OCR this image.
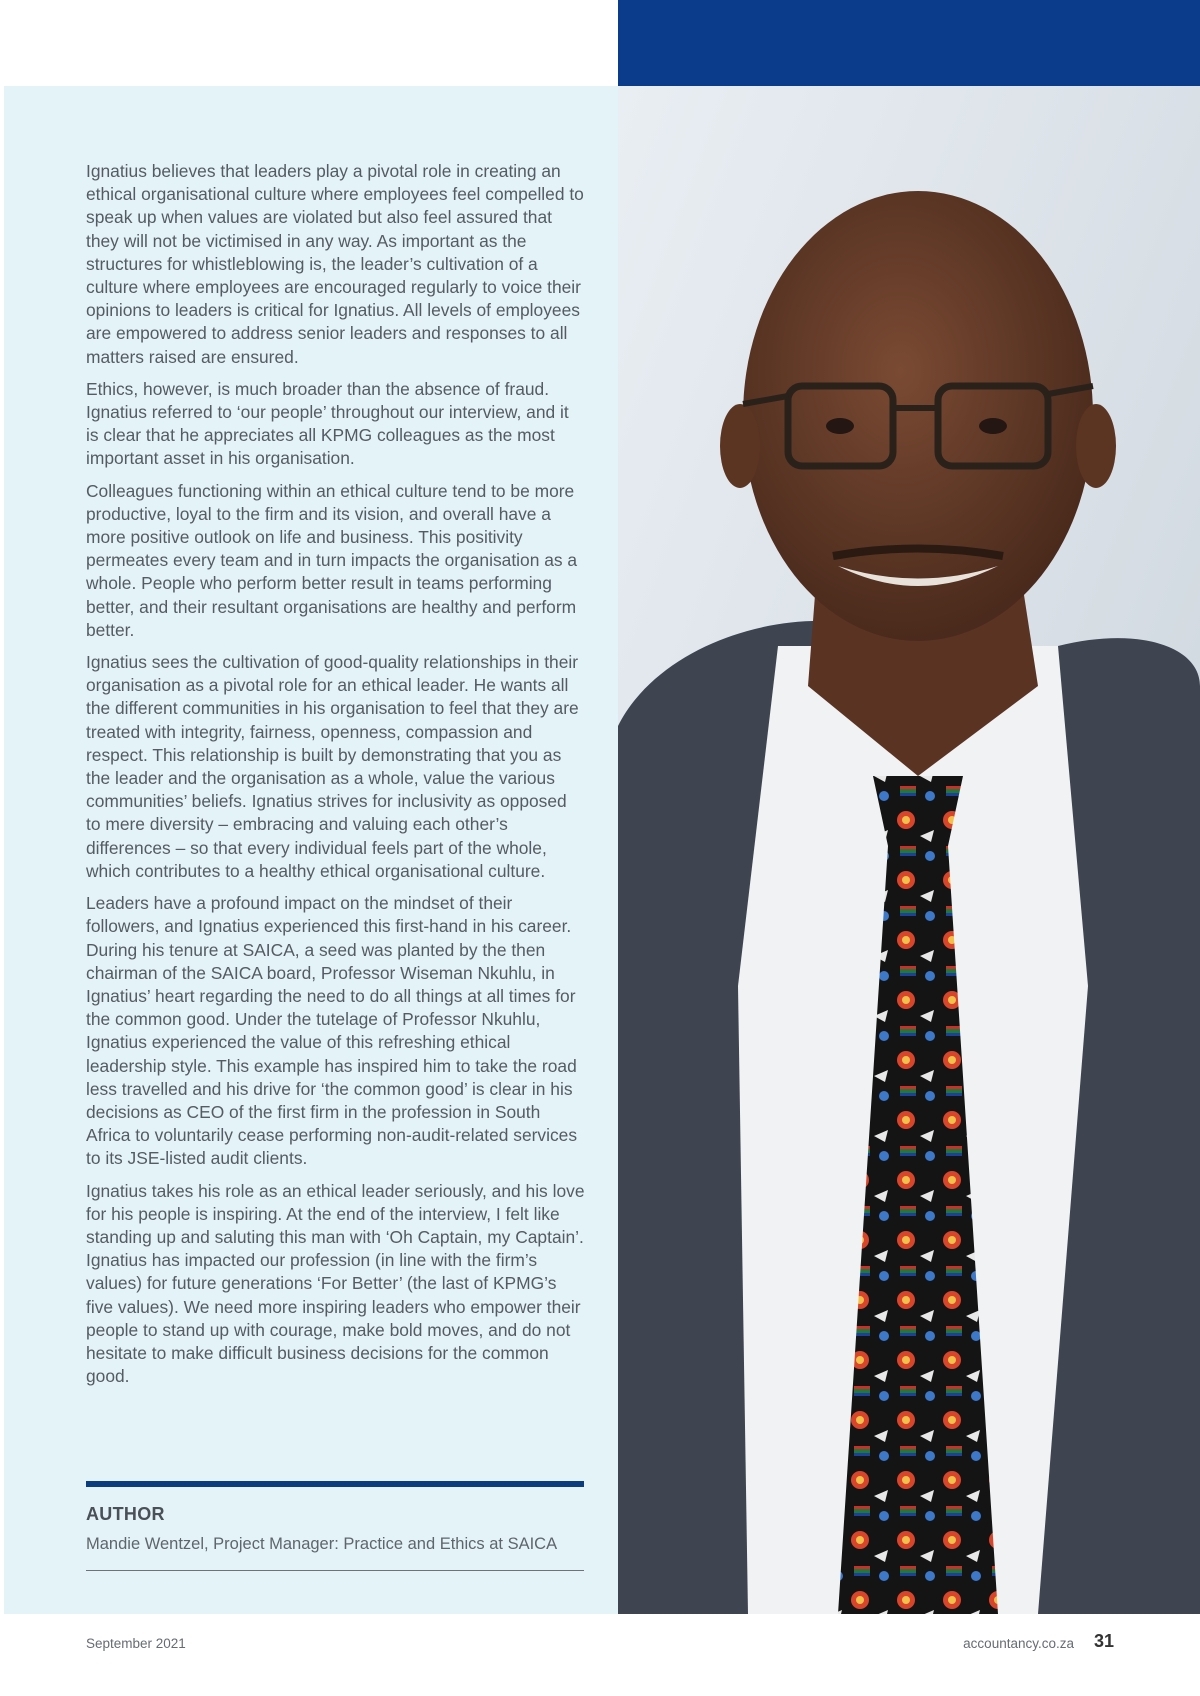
Ignatius believes that leaders play a pivotal role in creating an ethical organisational culture where employees feel compelled to speak up when values are violated but also feel assured that they will not be victimised in any way. As important as the structures for whistleblowing is, the leader’s cultivation of a culture where employees are encouraged regularly to voice their opinions to leaders is critical for Ignatius. All levels of employees are empowered to address senior leaders and responses to all matters raised are ensured.

Ethics, however, is much broader than the absence of fraud. Ignatius referred to ‘our people’ throughout our interview, and it is clear that he appreciates all KPMG colleagues as the most important asset in his organisation.

Colleagues functioning within an ethical culture tend to be more productive, loyal to the firm and its vision, and overall have a more positive outlook on life and business. This positivity permeates every team and in turn impacts the organisation as a whole. People who perform better result in teams performing better, and their resultant organisations are healthy and perform better.

Ignatius sees the cultivation of good-quality relationships in their organisation as a pivotal role for an ethical leader. He wants all the different communities in his organisation to feel that they are treated with integrity, fairness, openness, compassion and respect. This relationship is built by demonstrating that you as the leader and the organisation as a whole, value the various communities’ beliefs. Ignatius strives for inclusivity as opposed to mere diversity – embracing and valuing each other’s differences – so that every individual feels part of the whole, which contributes to a healthy ethical organisational culture.

Leaders have a profound impact on the mindset of their followers, and Ignatius experienced this first-hand in his career. During his tenure at SAICA, a seed was planted by the then chairman of the SAICA board, Professor Wiseman Nkuhlu, in Ignatius’ heart regarding the need to do all things at all times for the common good. Under the tutelage of Professor Nkuhlu, Ignatius experienced the value of this refreshing ethical leadership style. This example has inspired him to take the road less travelled and his drive for ‘the common good’ is clear in his decisions as CEO of the first firm in the profession in South Africa to voluntarily cease performing non-audit-related services to its JSE-listed audit clients.

Ignatius takes his role as an ethical leader seriously, and his love for his people is inspiring. At the end of the interview, I felt like standing up and saluting this man with ‘Oh Captain, my Captain’. Ignatius has impacted our profession (in line with the firm’s values) for future generations ‘For Better’ (the last of KPMG’s five values). We need more inspiring leaders who empower their people to stand up with courage, make bold moves, and do not hesitate to make difficult business decisions for the common good.

AUTHOR
Mandie Wentzel, Project Manager: Practice and Ethics at SAICA
September 2021	accountancy.co.za 31
